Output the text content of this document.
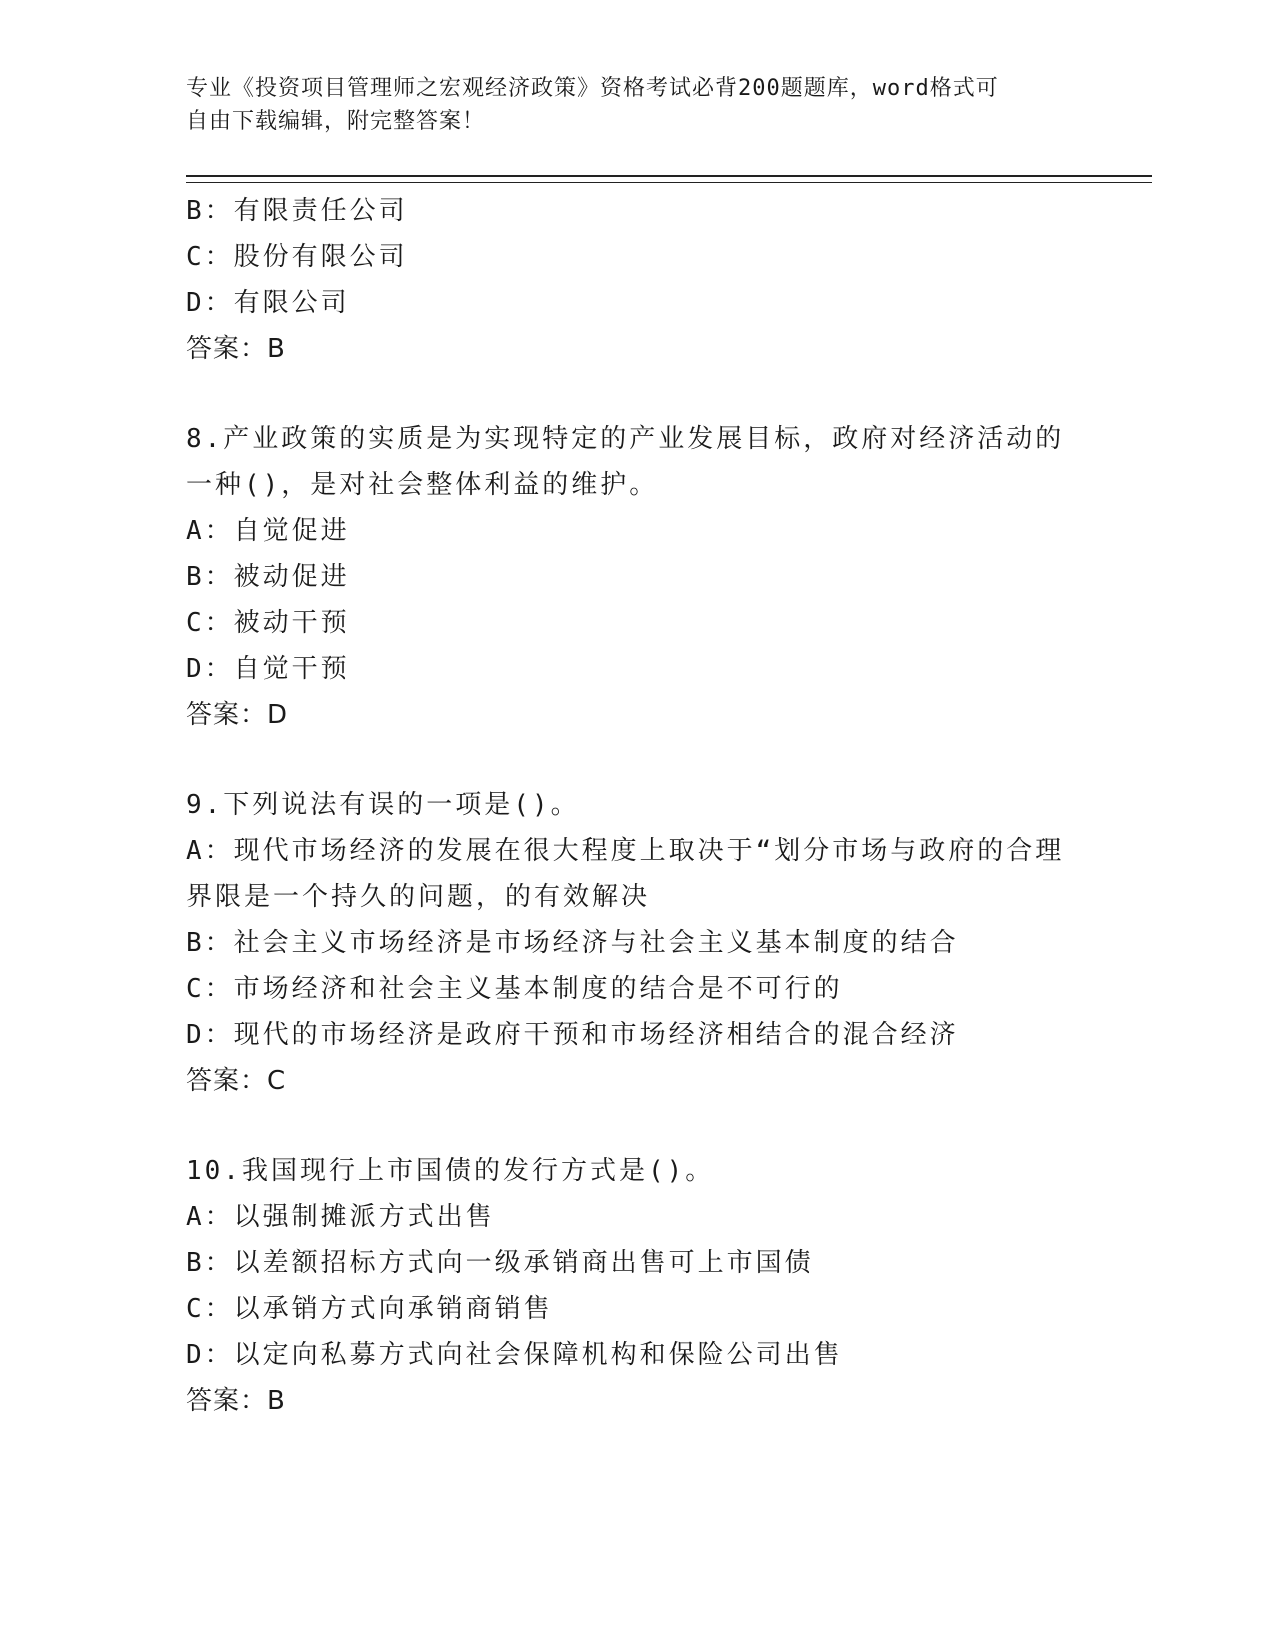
专业《投资项目管理师之宏观经济政策》资格考试必背200题题库，word格式可
自由下载编辑，附完整答案！
B：有限责任公司
C：股份有限公司
D：有限公司
答案：B
8.产业政策的实质是为实现特定的产业发展目标，政府对经济活动的
一种()，是对社会整体利益的维护。
A：自觉促进
B：被动促进
C：被动干预
D：自觉干预
答案：D
9.下列说法有误的一项是()。
A：现代市场经济的发展在很大程度上取决于“划分市场与政府的合理
界限是一个持久的问题，的有效解决
B：社会主义市场经济是市场经济与社会主义基本制度的结合
C：市场经济和社会主义基本制度的结合是不可行的
D：现代的市场经济是政府干预和市场经济相结合的混合经济
答案：C
10.我国现行上市国债的发行方式是()。
A：以强制摊派方式出售
B：以差额招标方式向一级承销商出售可上市国债
C：以承销方式向承销商销售
D：以定向私募方式向社会保障机构和保险公司出售
答案：B
